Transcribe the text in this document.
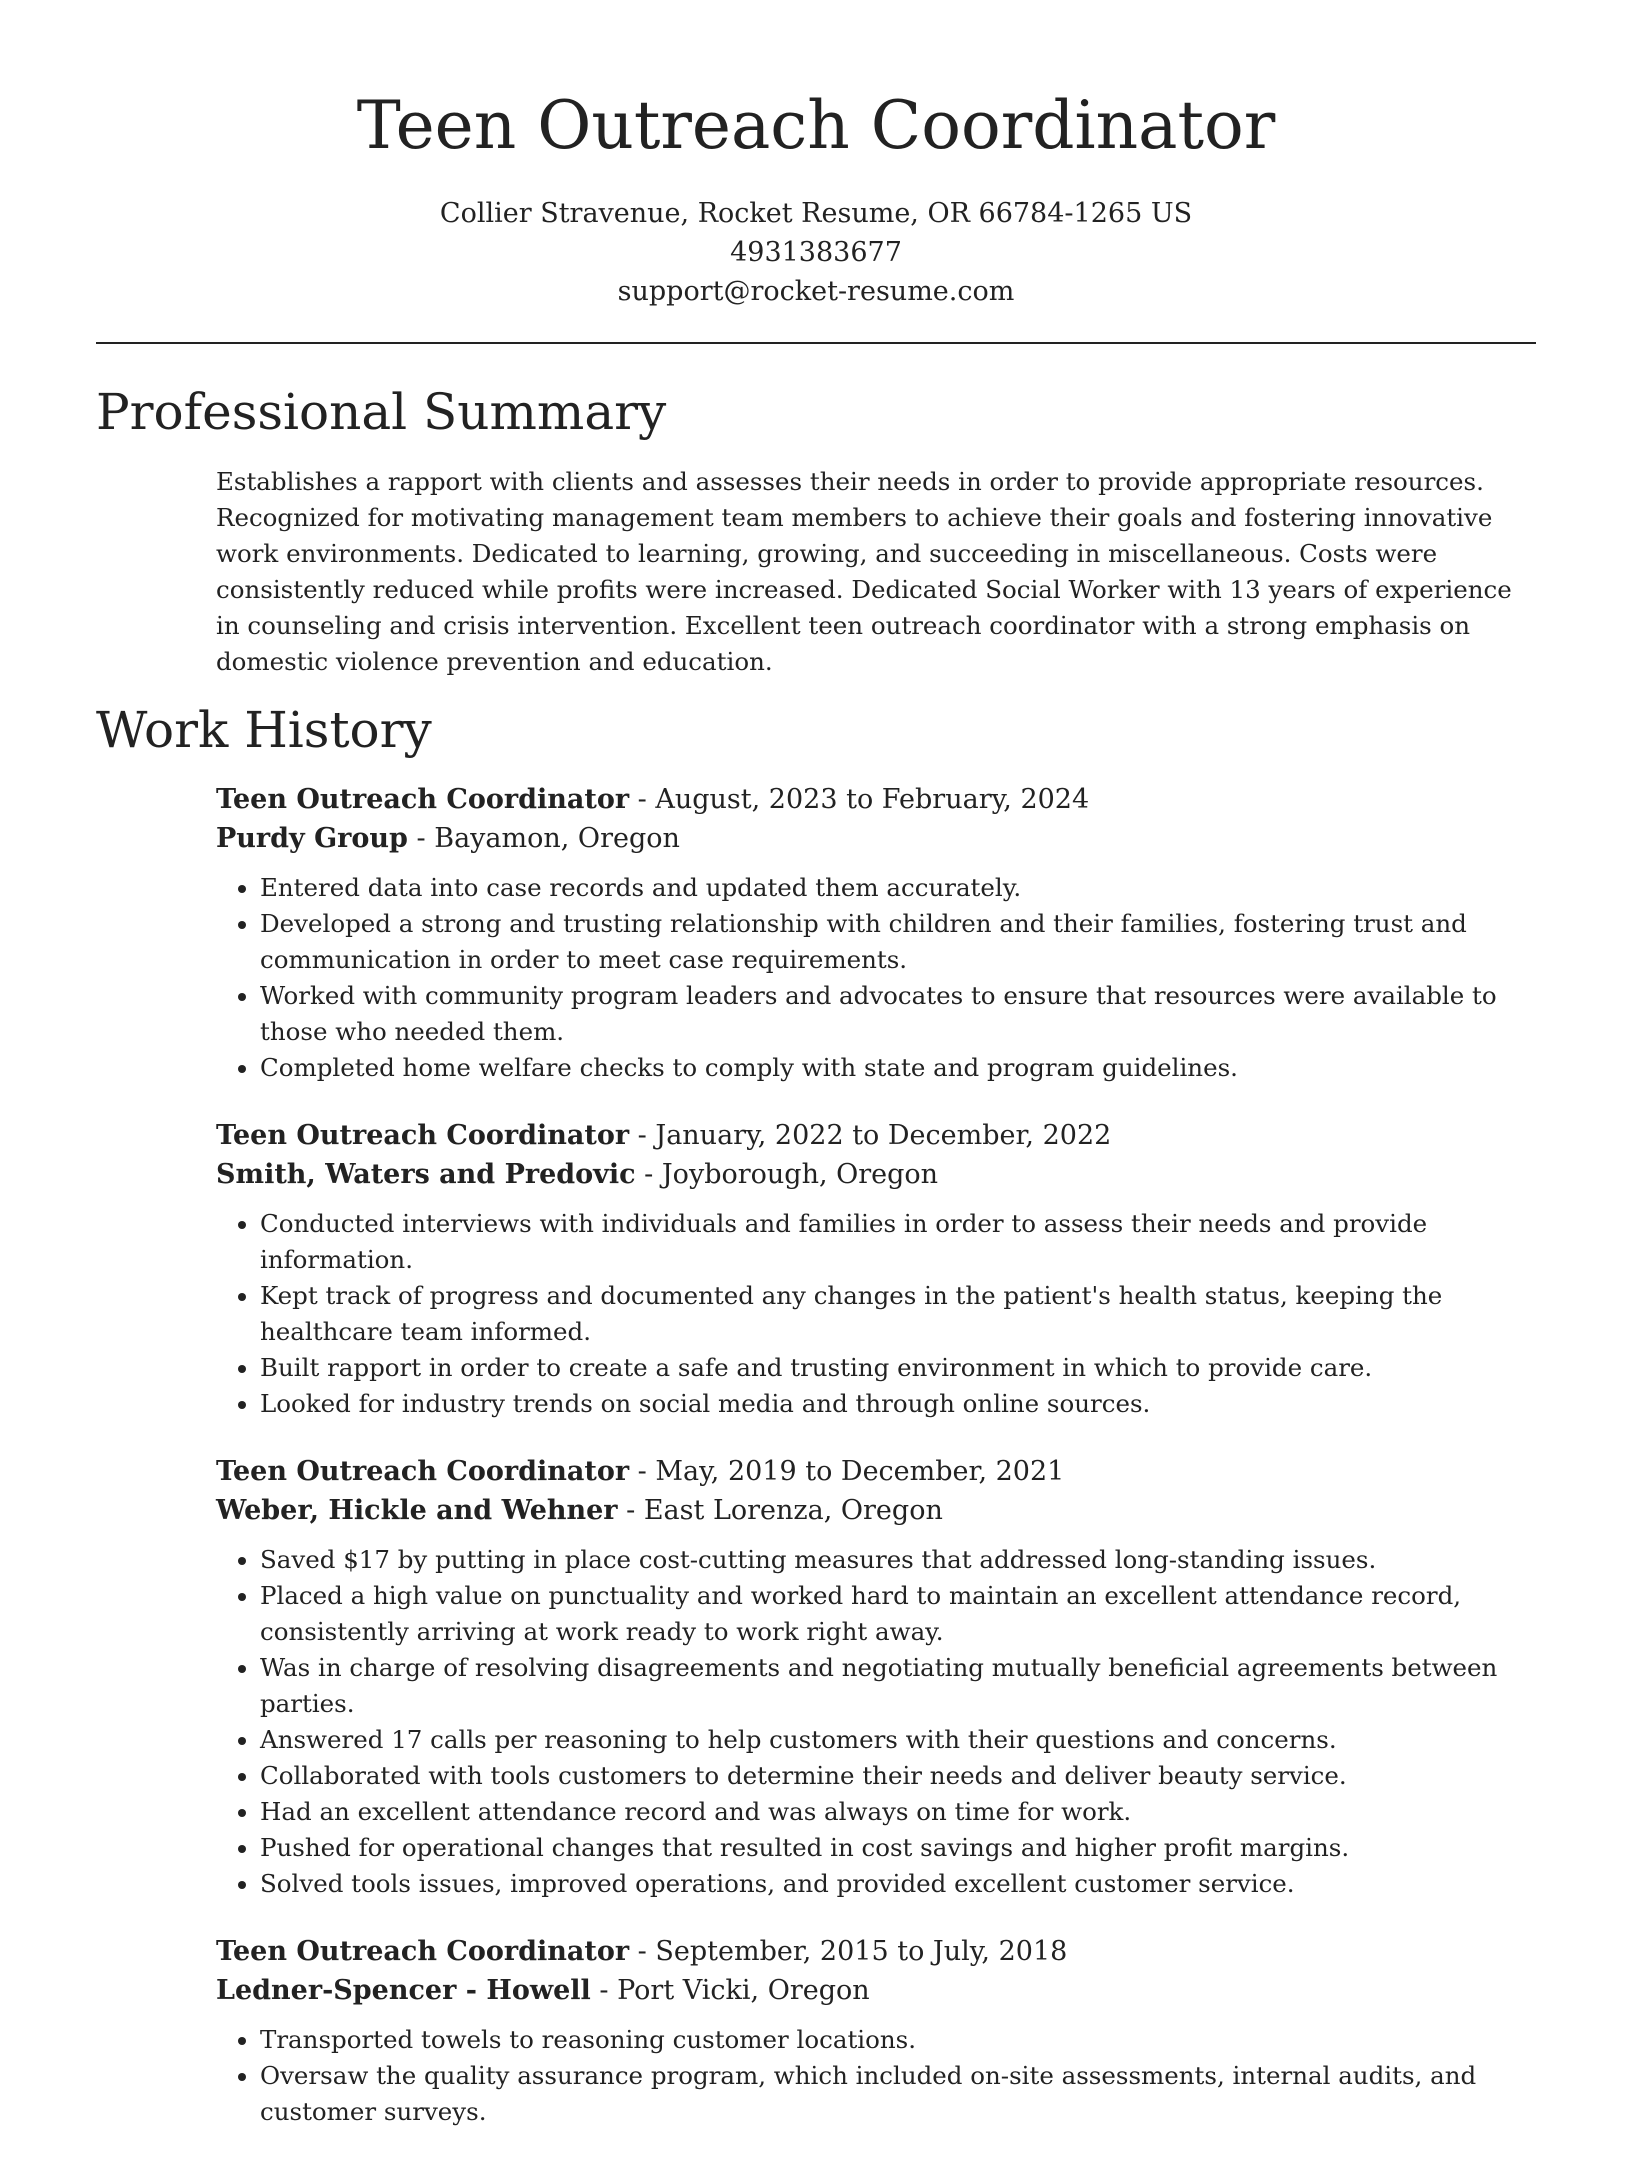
Teen Outreach Coordinator
Collier Stravenue, Rocket Resume, OR 66784-1265 US
4931383677
support@rocket-resume.com
Professional Summary
Establishes a rapport with clients and assesses their needs in order to provide appropriate resources. Recognized for motivating management team members to achieve their goals and fostering innovative work environments. Dedicated to learning, growing, and succeeding in miscellaneous. Costs were consistently reduced while profits were increased. Dedicated Social Worker with 13 years of experience in counseling and crisis intervention. Excellent teen outreach coordinator with a strong emphasis on domestic violence prevention and education.
Work History
Teen Outreach Coordinator - August, 2023 to February, 2024
Purdy Group - Bayamon, Oregon
• Entered data into case records and updated them accurately.
• Developed a strong and trusting relationship with children and their families, fostering trust and communication in order to meet case requirements.
• Worked with community program leaders and advocates to ensure that resources were available to those who needed them.
• Completed home welfare checks to comply with state and program guidelines.
Teen Outreach Coordinator - January, 2022 to December, 2022
Smith, Waters and Predovic - Joyborough, Oregon
• Conducted interviews with individuals and families in order to assess their needs and provide information.
• Kept track of progress and documented any changes in the patient's health status, keeping the healthcare team informed.
• Built rapport in order to create a safe and trusting environment in which to provide care.
• Looked for industry trends on social media and through online sources.
Teen Outreach Coordinator - May, 2019 to December, 2021
Weber, Hickle and Wehner - East Lorenza, Oregon
• Saved $17 by putting in place cost-cutting measures that addressed long-standing issues.
• Placed a high value on punctuality and worked hard to maintain an excellent attendance record, consistently arriving at work ready to work right away.
• Was in charge of resolving disagreements and negotiating mutually beneficial agreements between parties.
• Answered 17 calls per reasoning to help customers with their questions and concerns.
• Collaborated with tools customers to determine their needs and deliver beauty service.
• Had an excellent attendance record and was always on time for work.
• Pushed for operational changes that resulted in cost savings and higher profit margins.
• Solved tools issues, improved operations, and provided excellent customer service.
Teen Outreach Coordinator - September, 2015 to July, 2018
Ledner-Spencer - Howell - Port Vicki, Oregon
• Transported towels to reasoning customer locations.
• Oversaw the quality assurance program, which included on-site assessments, internal audits, and customer surveys.
